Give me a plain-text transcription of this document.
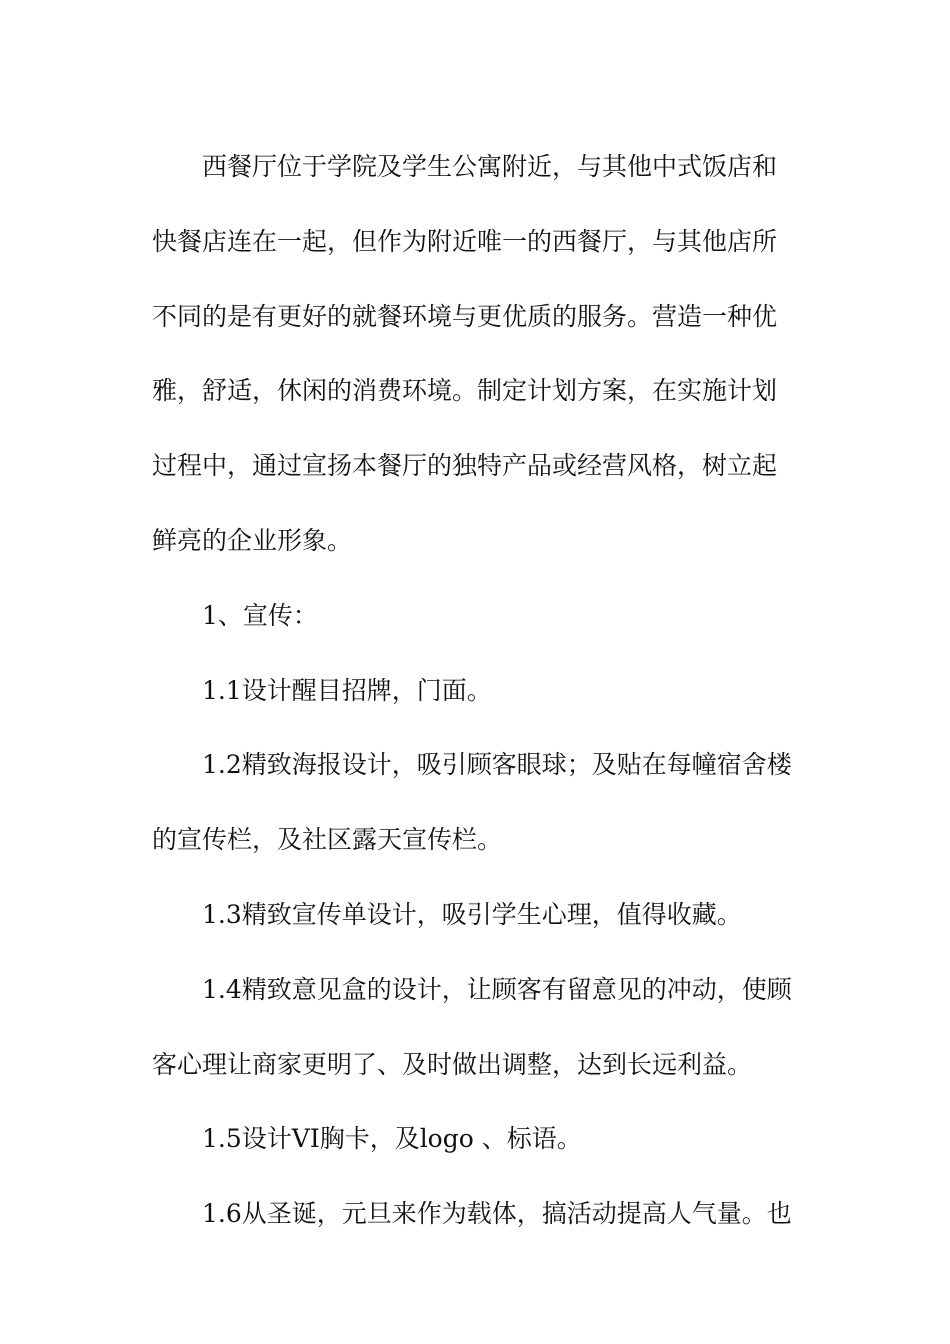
西餐厅位于学院及学生公寓附近，与其他中式饭店和
快餐店连在一起，但作为附近唯一的西餐厅，与其他店所
不同的是有更好的就餐环境与更优质的服务。营造一种优
雅，舒适，休闲的消费环境。制定计划方案，在实施计划
过程中，通过宣扬本餐厅的独特产品或经营风格，树立起
鲜亮的企业形象。

1、宣传：

1.1设计醒目招牌，门面。

1.2精致海报设计，吸引顾客眼球；及贴在每幢宿舍楼
的宣传栏，及社区露天宣传栏。

1.3精致宣传单设计，吸引学生心理，值得收藏。

1.4精致意见盒的设计，让顾客有留意见的冲动，使顾
客心理让商家更明了、及时做出调整，达到长远利益。

1.5设计VI胸卡，及logo 、标语。

1.6从圣诞，元旦来作为载体，搞活动提高人气量。也
